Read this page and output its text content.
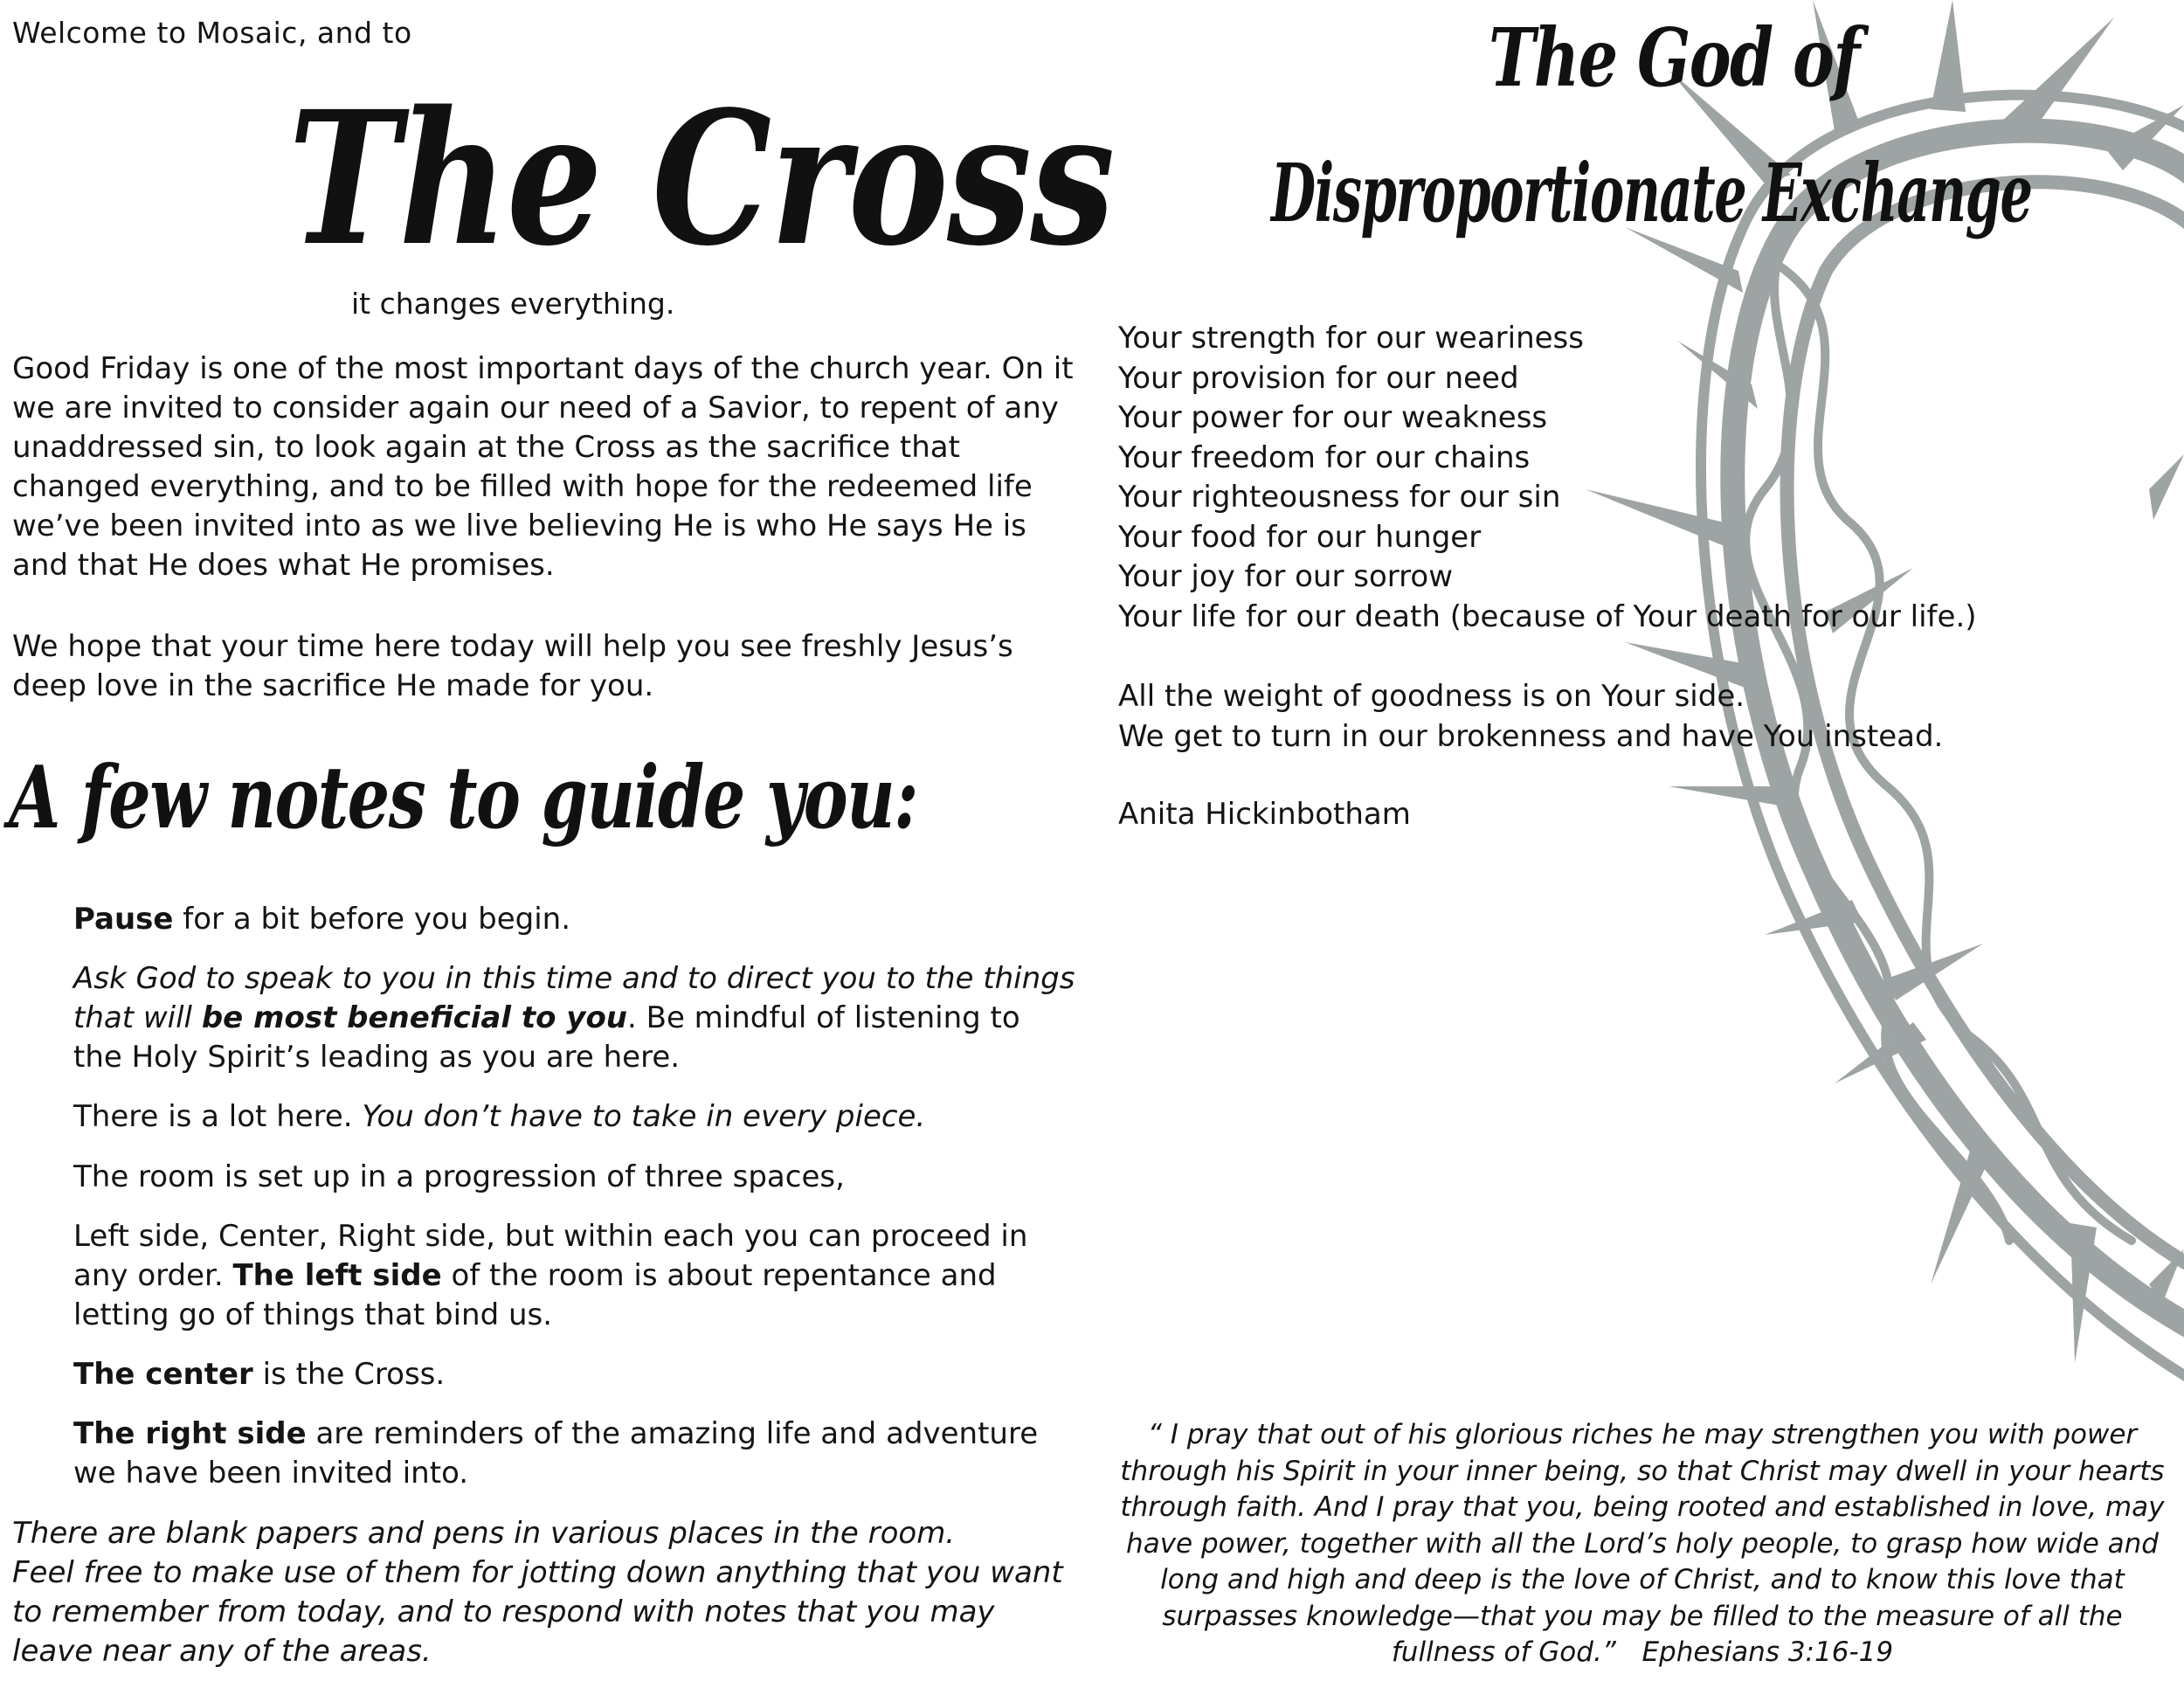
Welcome to Mosaic, and to
The Cross
it changes everything.

Good Friday is one of the most important days of the church year. On it we are invited to consider again our need of a Savior, to repent of any unaddressed sin, to look again at the Cross as the sacrifice that changed everything, and to be filled with hope for the redeemed life we’ve been invited into as we live believing He is who He says He is and that He does what He promises.

We hope that your time here today will help you see freshly Jesus’s deep love in the sacrifice He made for you.

A few notes to guide you:

Pause for a bit before you begin.

Ask God to speak to you in this time and to direct you to the things that will be most beneficial to you. Be mindful of listening to the Holy Spirit’s leading as you are here.

There is a lot here. You don’t have to take in every piece.

The room is set up in a progression of three spaces,

Left side, Center, Right side, but within each you can proceed in any order. The left side of the room is about repentance and letting go of things that bind us.

The center is the Cross.

The right side are reminders of the amazing life and adventure we have been invited into.

There are blank papers and pens in various places in the room.
Feel free to make use of them for jotting down anything that you want to remember from today, and to respond with notes that you may leave near any of the areas.

The God of
Disproportionate Exchange
Your strength for our weariness
Your provision for our need
Your power for our weakness
Your freedom for our chains
Your righteousness for our sin
Your food for our hunger
Your joy for our sorrow
Your life for our death (because of Your death for our life.)
All the weight of goodness is on Your side.
We get to turn in our brokenness and have You instead.
Anita Hickinbotham

“ I pray that out of his glorious riches he may strengthen you with power through his Spirit in your inner being, so that Christ may dwell in your hearts through faith. And I pray that you, being rooted and established in love, may have power, together with all the Lord’s holy people, to grasp how wide and long and high and deep is the love of Christ, and to know this love that surpasses knowledge—that you may be filled to the measure of all the fullness of God.” Ephesians 3:16-19
